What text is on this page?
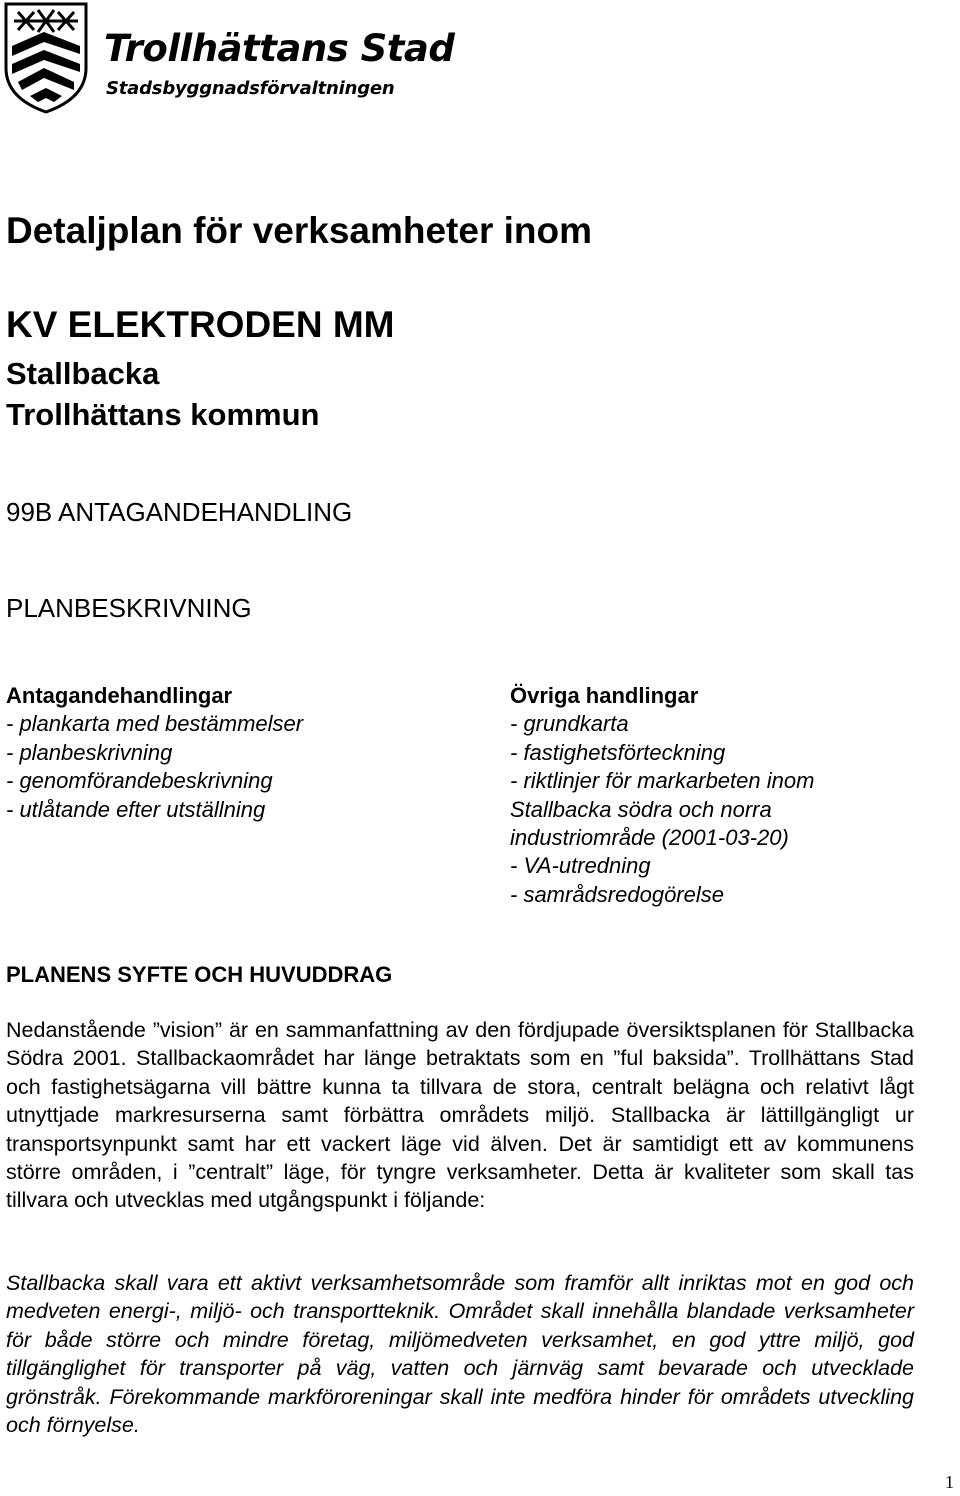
Trollhättans Stad
Stadsbyggnadsförvaltningen
Detaljplan för verksamheter inom
KV ELEKTRODEN MM
Stallbacka
Trollhättans kommun
99B ANTAGANDEHANDLING
PLANBESKRIVNING
Antagandehandlingar
- plankarta med bestämmelser
- planbeskrivning
- genomförandebeskrivning
- utlåtande efter utställning
Övriga handlingar
- grundkarta
- fastighetsförteckning
- riktlinjer för markarbeten inom
Stallbacka södra och norra
industriområde (2001-03-20)
- VA-utredning
- samrådsredogörelse
PLANENS SYFTE OCH HUVUDDRAG

Nedanstående ”vision” är en sammanfattning av den fördjupade översiktsplanen för Stallbacka Södra 2001. Stallbackaområdet har länge betraktats som en ”ful baksida”. Trollhättans Stad och fastighetsägarna vill bättre kunna ta tillvara de stora, centralt belägna och relativt lågt utnyttjade markresurserna samt förbättra områdets miljö. Stallbacka är lättillgängligt ur transportsynpunkt samt har ett vackert läge vid älven. Det är samtidigt ett av kommunens större områden, i ”centralt” läge, för tyngre verksamheter. Detta är kvaliteter som skall tas tillvara och utvecklas med utgångspunkt i följande:

Stallbacka skall vara ett aktivt verksamhetsområde som framför allt inriktas mot en god och medveten energi-, miljö- och transportteknik. Området skall innehålla blandade verksamheter för både större och mindre företag, miljömedveten verksamhet, en god yttre miljö, god tillgänglighet för transporter på väg, vatten och järnväg samt bevarade och utvecklade grönstråk. Förekommande markföroreningar skall inte medföra hinder för områdets utveckling och förnyelse.

1
